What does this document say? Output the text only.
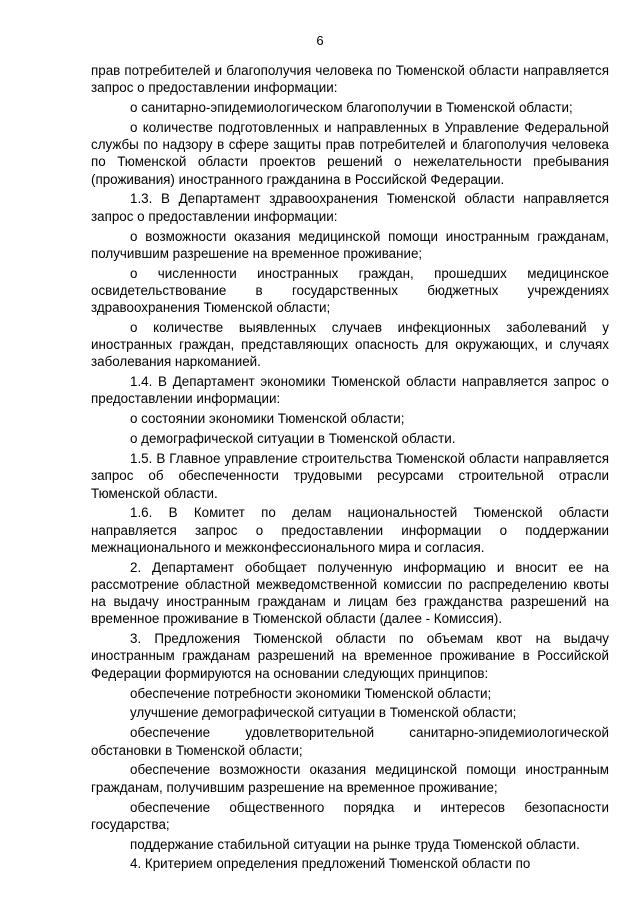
6

прав потребителей и благополучия человека по Тюменской области направляется запрос о предоставлении информации:

о санитарно-эпидемиологическом благополучии в Тюменской области;

о количестве подготовленных и направленных в Управление Федеральной службы по надзору в сфере защиты прав потребителей и благополучия человека по Тюменской области проектов решений о нежелательности пребывания (проживания) иностранного гражданина в Российской Федерации.

1.3. В Департамент здравоохранения Тюменской области направляется запрос о предоставлении информации:

о возможности оказания медицинской помощи иностранным гражданам, получившим разрешение на временное проживание;

о численности иностранных граждан, прошедших медицинское освидетельствование в государственных бюджетных учреждениях здравоохранения Тюменской области;

о количестве выявленных случаев инфекционных заболеваний у иностранных граждан, представляющих опасность для окружающих, и случаях заболевания наркоманией.

1.4. В Департамент экономики Тюменской области направляется запрос о предоставлении информации:

о состоянии экономики Тюменской области;

о демографической ситуации в Тюменской области.

1.5. В Главное управление строительства Тюменской области направляется запрос об обеспеченности трудовыми ресурсами строительной отрасли Тюменской области.

1.6. В Комитет по делам национальностей Тюменской области направляется запрос о предоставлении информации о поддержании межнационального и межконфессионального мира и согласия.

2. Департамент обобщает полученную информацию и вносит ее на рассмотрение областной межведомственной комиссии по распределению квоты на выдачу иностранным гражданам и лицам без гражданства разрешений на временное проживание в Тюменской области (далее - Комиссия).

3. Предложения Тюменской области по объемам квот на выдачу иностранным гражданам разрешений на временное проживание в Российской Федерации формируются на основании следующих принципов:

обеспечение потребности экономики Тюменской области;

улучшение демографической ситуации в Тюменской области;

обеспечение удовлетворительной санитарно-эпидемиологической обстановки в Тюменской области;

обеспечение возможности оказания медицинской помощи иностранным гражданам, получившим разрешение на временное проживание;

обеспечение общественного порядка и интересов безопасности государства;

поддержание стабильной ситуации на рынке труда Тюменской области.

4. Критерием определения предложений Тюменской области по
